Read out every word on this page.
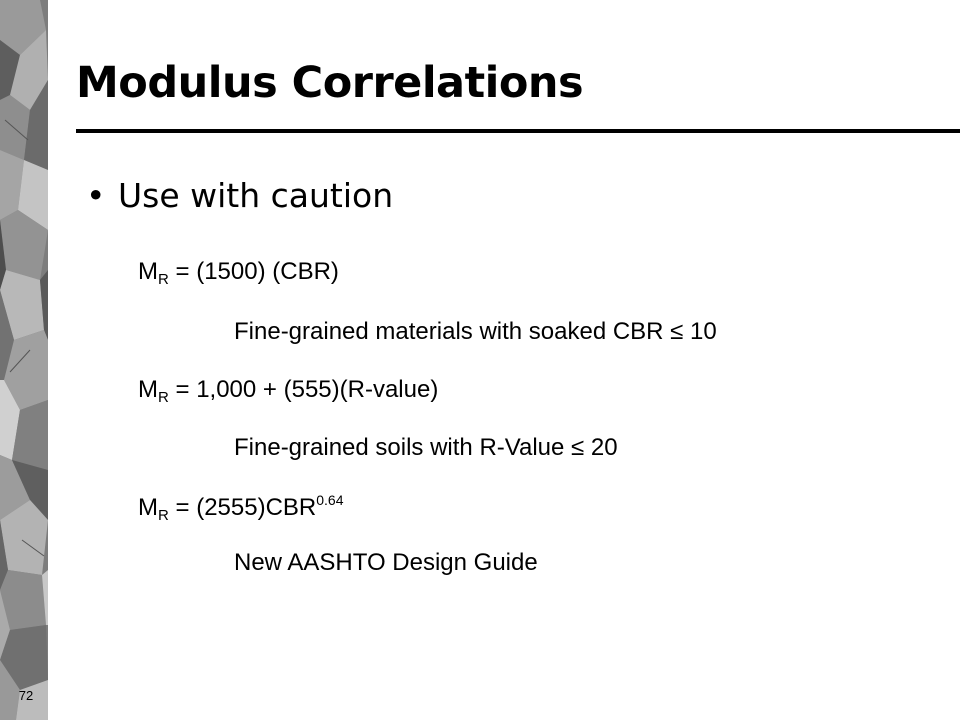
72
Modulus Correlations
• Use with caution
$M_R = (1500)$ (CBR)
Fine-grained materials with soaked CBR ≤ 10
$M_R = 1,000$ + (555)(R-value)
Fine-grained soils with R-Value ≤ 20
$M_R = (2555)CBR^{0.64}$
New AASHTO Design Guide
